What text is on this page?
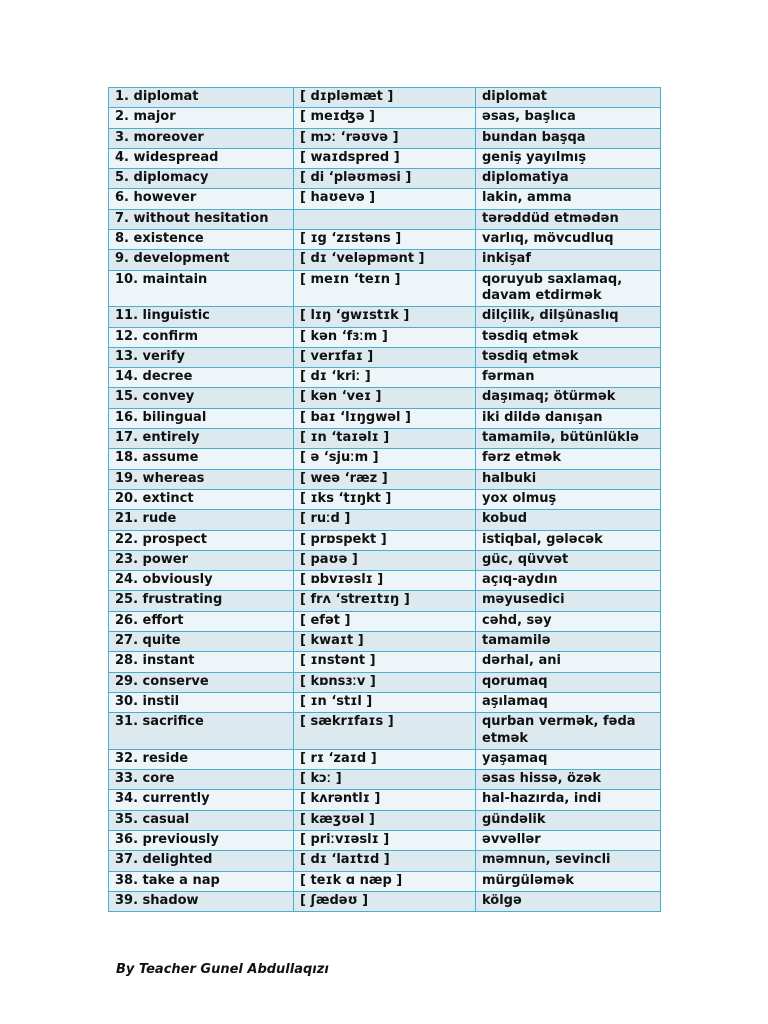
1. diplomat	[ dɪpləmæt ]	diplomat
2. major	[ meɪʤə ]	əsas, başlıca
3. moreover	[ mɔː ‘rəʊvə ]	bundan başqa
4. widespread	[ waɪdspred ]	geniş yayılmış
5. diplomacy	[ di ‘pləʊməsi ]	diplomatiya
6. however	[ haʊevə ]	lakin, amma
7. without hesitation		tərəddüd etmədən
8. existence	[ ɪg ‘zɪstəns ]	varlıq, mövcudluq
9. development	[ dɪ ‘veləpmənt ]	inkişaf
10. maintain	[ meɪn ‘teɪn ]	qoruyub saxlamaq, davam etdirmək
11. linguistic	[ lɪŋ ‘gwɪstɪk ]	dilçilik, dilşünaslıq
12. confirm	[ kən ‘fɜːm ]	təsdiq etmək
13. verify	[ verɪfaɪ ]	təsdiq etmək
14. decree	[ dɪ ‘kriː ]	fərman
15. convey	[ kən ‘veɪ ]	daşımaq; ötürmək
16. bilingual	[ baɪ ‘lɪŋgwəl ]	iki dildə danışan
17. entirely	[ ɪn ‘taɪəlɪ ]	tamamilə, bütünlüklə
18. assume	[ ə ‘sjuːm ]	fərz etmək
19. whereas	[ weə ‘ræz ]	halbuki
20. extinct	[ ɪks ‘tɪŋkt ]	yox olmuş
21. rude	[ ruːd ]	kobud
22. prospect	[ prɒspekt ]	istiqbal, gələcək
23. power	[ paʊə ]	güc, qüvvət
24. obviously	[ ɒbvɪəslɪ ]	açıq-aydın
25. frustrating	[ frʌ ‘streɪtɪŋ ]	məyusedici
26. effort	[ efət ]	cəhd, səy
27. quite	[ kwaɪt ]	tamamilə
28. instant	[ ɪnstənt ]	dərhal, ani
29. conserve	[ kɒnsɜːv ]	qorumaq
30. instil	[ ɪn ‘stɪl ]	aşılamaq
31. sacrifice	[ sækrɪfaɪs ]	qurban vermək, fəda etmək
32. reside	[ rɪ ‘zaɪd ]	yaşamaq
33. core	[ kɔː ]	əsas hissə, özək
34. currently	[ kʌrəntlɪ ]	hal-hazırda, indi
35. casual	[ kæʒʊəl ]	gündəlik
36. previously	[ priːvɪəslɪ ]	əvvəllər
37. delighted	[ dɪ ‘laɪtɪd ]	məmnun, sevincli
38. take a nap	[ teɪk ɑ næp ]	mürgüləmək
39. shadow	[ ʃædəʊ ]	kölgə
By Teacher Gunel Abdullaqızı
